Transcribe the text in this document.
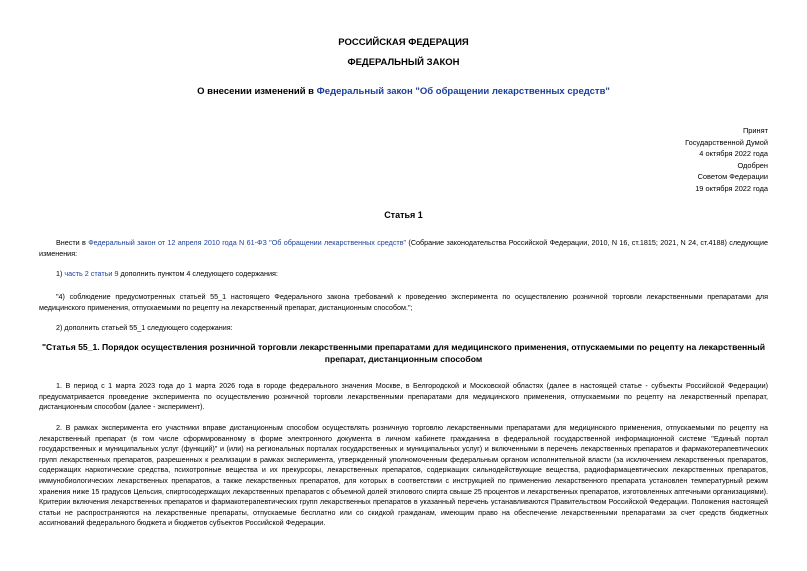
РОССИЙСКАЯ ФЕДЕРАЦИЯ
ФЕДЕРАЛЬНЫЙ ЗАКОН
О внесении изменений в Федеральный закон "Об обращении лекарственных средств"
Принят
Государственной Думой
4 октября 2022 года
Одобрен
Советом Федерации
19 октября 2022 года
Статья 1

Внести в Федеральный закон от 12 апреля 2010 года N 61-ФЗ "Об обращении лекарственных средств" (Собрание законодательства Российской Федерации, 2010, N 16, ст.1815; 2021, N 24, ст.4188) следующие изменения:

1) часть 2 статьи 9 дополнить пунктом 4 следующего содержания:

"4) соблюдение предусмотренных статьей 55_1 настоящего Федерального закона требований к проведению эксперимента по осуществлению розничной торговли лекарственными препаратами для медицинского применения, отпускаемыми по рецепту на лекарственный препарат, дистанционным способом.";

2) дополнить статьей 55_1 следующего содержания:

"Статья 55_1. Порядок осуществления розничной торговли лекарственными препаратами для медицинского применения, отпускаемыми по рецепту на лекарственный препарат, дистанционным способом

1. В период с 1 марта 2023 года до 1 марта 2026 года в городе федерального значения Москве, в Белгородской и Московской областях (далее в настоящей статье - субъекты Российской Федерации) предусматривается проведение эксперимента по осуществлению розничной торговли лекарственными препаратами для медицинского применения, отпускаемыми по рецепту на лекарственный препарат, дистанционным способом (далее - эксперимент).

2. В рамках эксперимента его участники вправе дистанционным способом осуществлять розничную торговлю лекарственными препаратами для медицинского применения, отпускаемыми по рецепту на лекарственный препарат (в том числе сформированному в форме электронного документа в личном кабинете гражданина в федеральной государственной информационной системе "Единый портал государственных и муниципальных услуг (функций)" и (или) на региональных порталах государственных и муниципальных услуг) и включенными в перечень лекарственных препаратов и фармакотерапевтических групп лекарственных препаратов, разрешенных к реализации в рамках эксперимента, утвержденный уполномоченным федеральным органом исполнительной власти (за исключением лекарственных препаратов, содержащих наркотические средства, психотропные вещества и их прекурсоры, лекарственных препаратов, содержащих сильнодействующие вещества, радиофармацевтических лекарственных препаратов, иммунобиологических лекарственных препаратов, а также лекарственных препаратов, для которых в соответствии с инструкцией по применению лекарственного препарата установлен температурный режим хранения ниже 15 градусов Цельсия, спиртосодержащих лекарственных препаратов с объемной долей этилового спирта свыше 25 процентов и лекарственных препаратов, изготовленных аптечными организациями). Критерии включения лекарственных препаратов и фармакотерапевтических групп лекарственных препаратов в указанный перечень устанавливаются Правительством Российской Федерации. Положения настоящей статьи не распространяются на лекарственные препараты, отпускаемые бесплатно или со скидкой гражданам, имеющим право на обеспечение лекарственными препаратами за счет средств бюджетных ассигнований федерального бюджета и бюджетов субъектов Российской Федерации.
